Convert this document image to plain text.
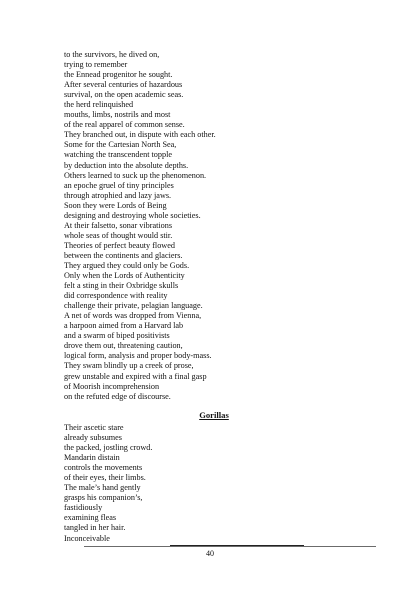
to the survivors, he dived on,
trying to remember
the Ennead progenitor he sought.
After several centuries of hazardous
survival, on the open academic seas.
the herd relinquished
mouths, limbs, nostrils and most
of the real apparel of common sense.
They branched out, in dispute with each other.
Some for the Cartesian North Sea,
watching the transcendent topple
by deduction into the absolute depths.
Others learned to suck up the phenomenon.
an epoche gruel of tiny principles
through atrophied and lazy jaws.
Soon they were Lords of Being
designing and destroying whole societies.
At their falsetto, sonar vibrations
whole seas of thought would stir.
Theories of perfect beauty flowed
between the continents and glaciers.
They argued they could only be Gods.
Only when the Lords of Authenticity
felt a sting in their Oxbridge skulls
did correspondence with reality
challenge their private, pelagian language.
A net of words was dropped from Vienna,
a harpoon aimed from a Harvard lab
and a swarm of biped positivists
drove them out, threatening caution,
logical form, analysis and proper body-mass.
They swam blindly up a creek of prose,
grew unstable and expired with a final gasp
of Moorish incomprehension
on the refuted edge of discourse.
Gorillas
Their ascetic stare
already subsumes
the packed, jostling crowd.
Mandarin distain
controls the movements
of their eyes, their limbs.
The male’s hand gently
grasps his companion’s,
fastidiously
examining fleas
tangled in her hair.
Inconceivable
40
